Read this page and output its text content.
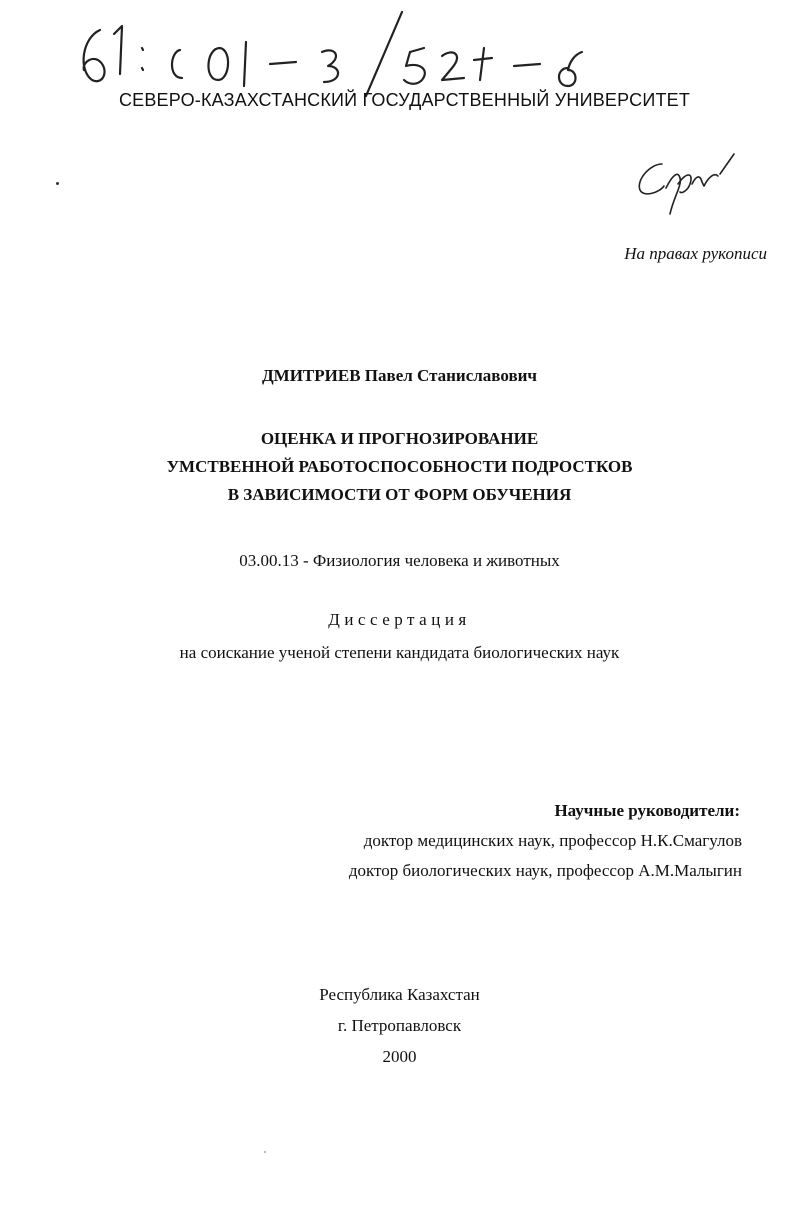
СЕВЕРО-КАЗАХСТАНСКИЙ ГОСУДАРСТВЕННЫЙ УНИВЕРСИТЕТ
На правах рукописи
ДМИТРИЕВ Павел Станиславович
ОЦЕНКА И ПРОГНОЗИРОВАНИЕ
УМСТВЕННОЙ РАБОТОСПОСОБНОСТИ ПОДРОСТКОВ
В ЗАВИСИМОСТИ ОТ ФОРМ ОБУЧЕНИЯ
03.00.13 - Физиология человека и животных
Диссертация
на соискание ученой степени кандидата биологических наук
Научные руководители:
доктор медицинских наук, профессор Н.К.Смагулов
доктор биологических наук, профессор А.М.Малыгин
Республика Казахстан
г. Петропавловск
2000
